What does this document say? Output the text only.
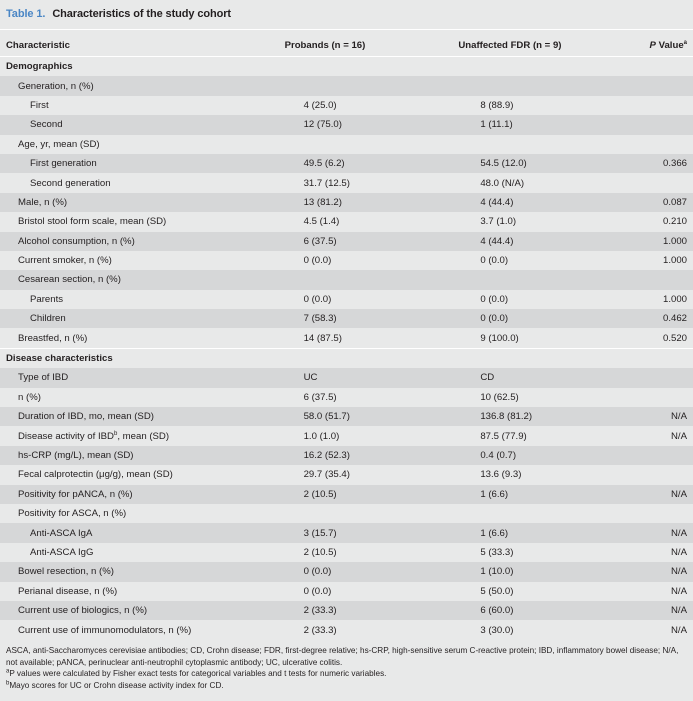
Table 1. Characteristics of the study cohort
Characteristic	Probands (n = 16)	Unaffected FDR (n = 9)	P Value$^a$
Demographics			
Generation, n (%)			
First	4 (25.0)	8 (88.9)	
Second	12 (75.0)	1 (11.1)	
Age, yr, mean (SD)			
First generation	49.5 (6.2)	54.5 (12.0)	0.366
Second generation	31.7 (12.5)	48.0 (N/A)	
Male, n (%)	13 (81.2)	4 (44.4)	0.087
Bristol stool form scale, mean (SD)	4.5 (1.4)	3.7 (1.0)	0.210
Alcohol consumption, n (%)	6 (37.5)	4 (44.4)	1.000
Current smoker, n (%)	0 (0.0)	0 (0.0)	1.000
Cesarean section, n (%)			
Parents	0 (0.0)	0 (0.0)	1.000
Children	7 (58.3)	0 (0.0)	0.462
Breastfed, n (%)	14 (87.5)	9 (100.0)	0.520
Disease characteristics			
Type of IBD	UC	CD	
n (%)	6 (37.5)	10 (62.5)	
Duration of IBD, mo, mean (SD)	58.0 (51.7)	136.8 (81.2)	N/A
Disease activity of IBD$^b$, mean (SD)	1.0 (1.0)	87.5 (77.9)	N/A
hs-CRP (mg/L), mean (SD)	16.2 (52.3)	0.4 (0.7)	
Fecal calprotectin (μg/g), mean (SD)	29.7 (35.4)	13.6 (9.3)	
Positivity for pANCA, n (%)	2 (10.5)	1 (6.6)	N/A
Positivity for ASCA, n (%)			
Anti-ASCA IgA	3 (15.7)	1 (6.6)	N/A
Anti-ASCA IgG	2 (10.5)	5 (33.3)	N/A
Bowel resection, n (%)	0 (0.0)	1 (10.0)	N/A
Perianal disease, n (%)	0 (0.0)	5 (50.0)	N/A
Current use of biologics, n (%)	2 (33.3)	6 (60.0)	N/A
Current use of immunomodulators, n (%)	2 (33.3)	3 (30.0)	N/A

ASCA, anti-Saccharomyces cerevisiae antibodies; CD, Crohn disease; FDR, first-degree relative; hs-CRP, high-sensitive serum C-reactive protein; IBD, inflammatory bowel disease; N/A, not available; pANCA, perinuclear anti-neutrophil cytoplasmic antibody; UC, ulcerative colitis.

$^a$P values were calculated by Fisher exact tests for categorical variables and t tests for numeric variables.

$^b$Mayo scores for UC or Crohn disease activity index for CD.
